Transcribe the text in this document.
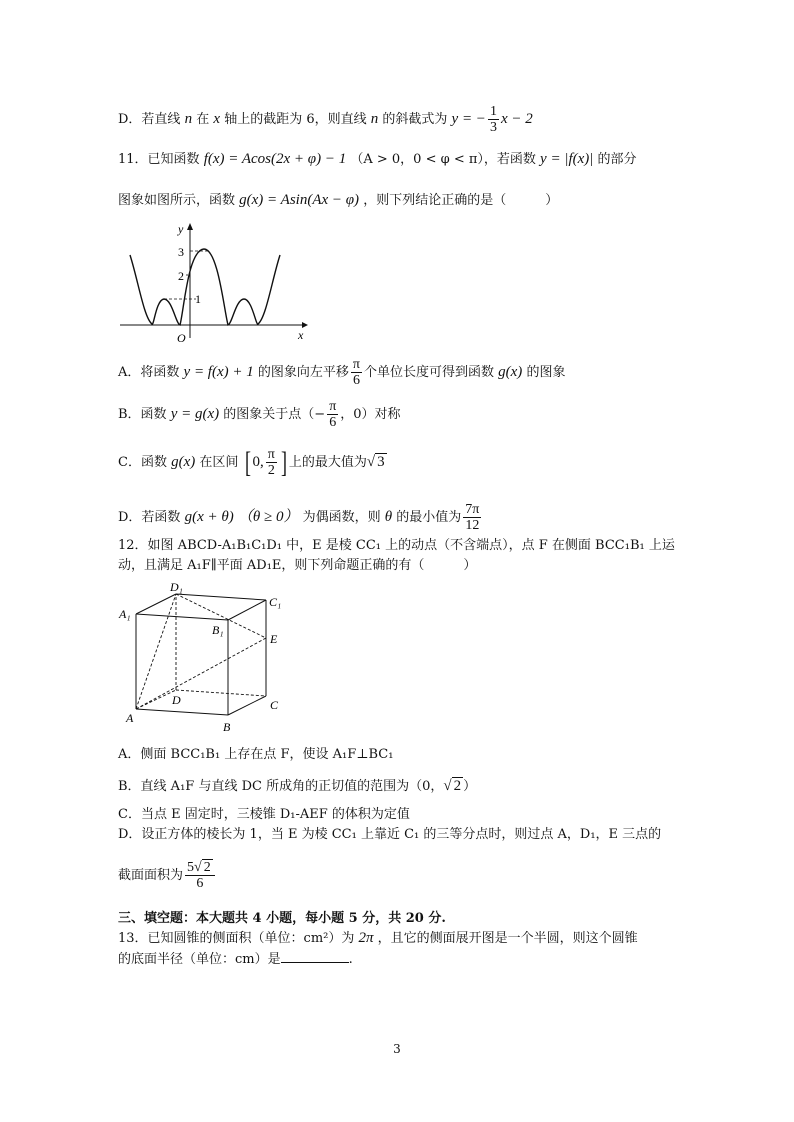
D．若直线 n 在 x 轴上的截距为 6，则直线 n 的斜截式为 y = − $\frac{1}{3}$ x − 2
11．已知函数 f(x) = Acos(2x + φ) − 1 （A > 0，0 < φ < π），若函数 y = |f(x)| 的部分
图象如图所示，函数 g(x) = Asin(Ax − φ) ，则下列结论正确的是（　　　）
y
x
O
3
2
1
A．将函数 y = f(x) + 1 的图象向左平移 $\frac{\pi}{6}$ 个单位长度可得到函数 g(x) 的图象
B．函数 y = g(x) 的图象关于点（− $\frac{\pi}{6}$ ，0）对称
C．函数 g(x) 在区间 [ 0, $\frac{\pi}{2}$ ] 上的最大值为√ 3
D．若函数 g(x + θ) （θ ≥ 0） 为偶函数，则 θ 的最小值为 $\frac{7\pi}{12}$
12．如图 ABCD-A₁B₁C₁D₁ 中，E 是棱 CC₁ 上的动点（不含端点），点 F 在侧面 BCC₁B₁ 上运
动，且满足 A₁F∥平面 AD₁E，则下列命题正确的有（　　　）
A
B
C
D
A₁
B₁
C₁
D₁
E
A．侧面 BCC₁B₁ 上存在点 F，使设 A₁F⊥BC₁
B．直线 A₁F 与直线 DC 所成角的正切值的范围为（0，√ 2 ）
C．当点 E 固定时，三棱锥 D₁-AEF 的体积为定值
D．设正方体的棱长为 1，当 E 为棱 CC₁ 上靠近 C₁ 的三等分点时，则过点 A，D₁，E 三点的
截面面积为 $\frac{5√ 2}{6}$
三、填空题：本大题共 4 小题，每小题 5 分，共 20 分.
13．已知圆锥的侧面积（单位：cm²）为 2π ，且它的侧面展开图是一个半圆，则这个圆锥
的底面半径（单位：cm）是	.
3
